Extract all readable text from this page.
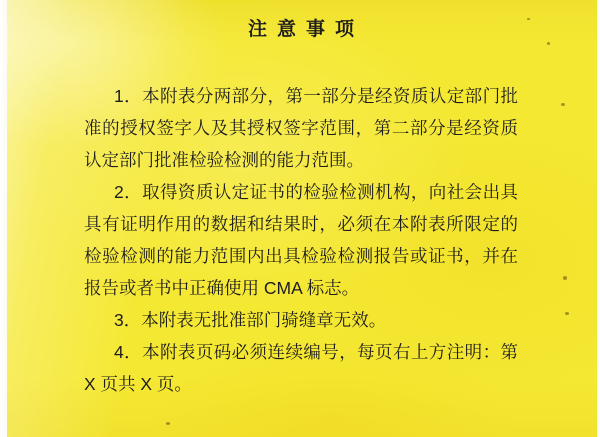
注意事项

1．本附表分两部分，第一部分是经资质认定部门批准的授权签字人及其授权签字范围，第二部分是经资质认定部门批准检验检测的能力范围。

2．取得资质认定证书的检验检测机构，向社会出具具有证明作用的数据和结果时，必须在本附表所限定的检验检测的能力范围内出具检验检测报告或证书，并在报告或者书中正确使用 CMA 标志。

3．本附表无批准部门骑缝章无效。

4．本附表页码必须连续编号，每页右上方注明：第 X 页共 X 页。
